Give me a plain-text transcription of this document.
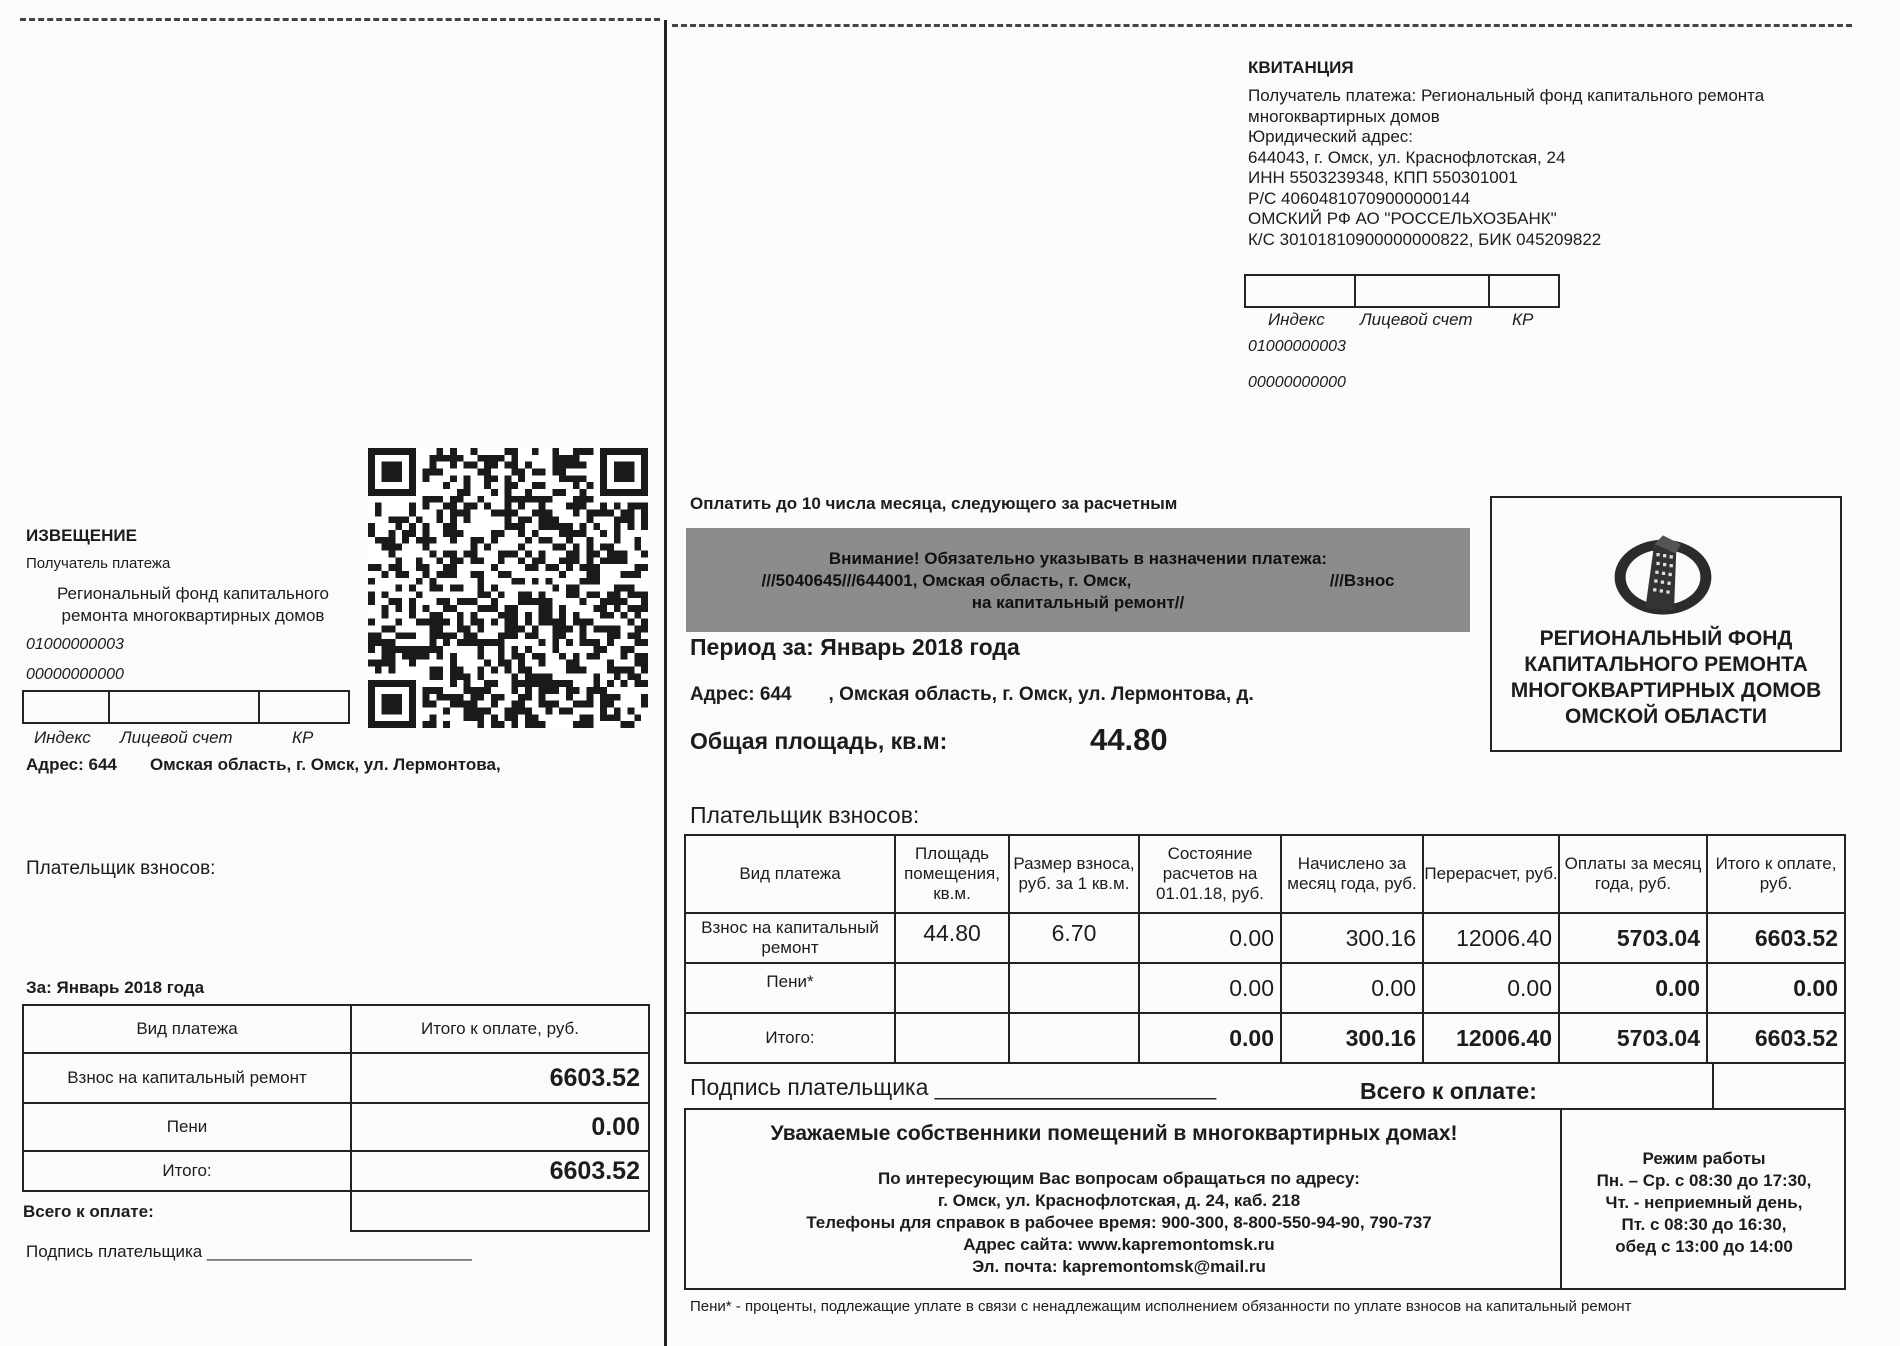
ИЗВЕЩЕНИЕ
Получатель платежа
Региональный фонд капитального ремонта многоквартирных домов
01000000003
00000000000
Индекс Лицевой счет	КР
Адрес: 644       Омская область, г. Омск, ул. Лермонтова,
Плательщик взносов:
За: Январь 2018 года
Вид платежа	Итого к оплате, руб.
Взнос на капитальный ремонт	6603.52
Пени	0.00
Итого:	6603.52
Всего к оплате:	
Подпись плательщика ____________________________
КВИТАНЦИЯ
Получатель платежа: Региональный фонд капитального ремонта
многоквартирных домов
Юридический адрес:
644043, г. Омск, ул. Краснофлотская, 24
ИНН 5503239348, КПП 550301001
Р/С 40604810709000000144
ОМСКИЙ РФ АО "РОССЕЛЬХОЗБАНК"
К/С 30101810900000000822, БИК 045209822
Индекс Лицевой счет КР
01000000003
00000000000
Оплатить до 10 числа месяца, следующего за расчетным
Внимание! Обязательно указывать в назначении платежа:
///5040645///644001, Омская область, г. Омск,                                          ///Взнос
на капитальный ремонт//
РЕГИОНАЛЬНЫЙ ФОНД
КАПИТАЛЬНОГО РЕМОНТА
МНОГОКВАРТИРНЫХ ДОМОВ
ОМСКОЙ ОБЛАСТИ
Период за: Январь 2018 года
Адрес: 644       , Омская область, г. Омск, ул. Лермонтова, д.
Общая площадь, кв.м:	44.80
Плательщик взносов:
Вид платежа	Площадь помещения, кв.м.	Размер взноса, руб. за 1 кв.м.	Состояние расчетов на 01.01.18, руб.	Начислено за месяц года, руб.	Перерасчет, руб.	Оплаты за месяц года, руб.	Итого к оплате, руб.
Взнос на капитальный ремонт	44.80	6.70	0.00	300.16	12006.40	5703.04	6603.52
Пени*			0.00	0.00	0.00	0.00	0.00
Итого:			0.00	300.16	12006.40	5703.04	6603.52
Подпись плательщика ______________________	Всего к оплате:
Уважаемые собственники помещений в многоквартирных домах!
По интересующим Вас вопросам обращаться по адресу:
г. Омск, ул. Краснофлотская, д. 24, каб. 218
Телефоны для справок в рабочее время: 900-300, 8-800-550-94-90, 790-737
Адрес сайта: www.kapremontomsk.ru
Эл. почта: kapremontomsk@mail.ru
Режим работы
Пн. – Ср. с 08:30 до 17:30,
Чт. - неприемный день,
Пт. с 08:30 до 16:30,
обед с 13:00 до 14:00
Пени* - проценты, подлежащие уплате в связи с ненадлежащим исполнением обязанности по уплате взносов на капитальный ремонт
